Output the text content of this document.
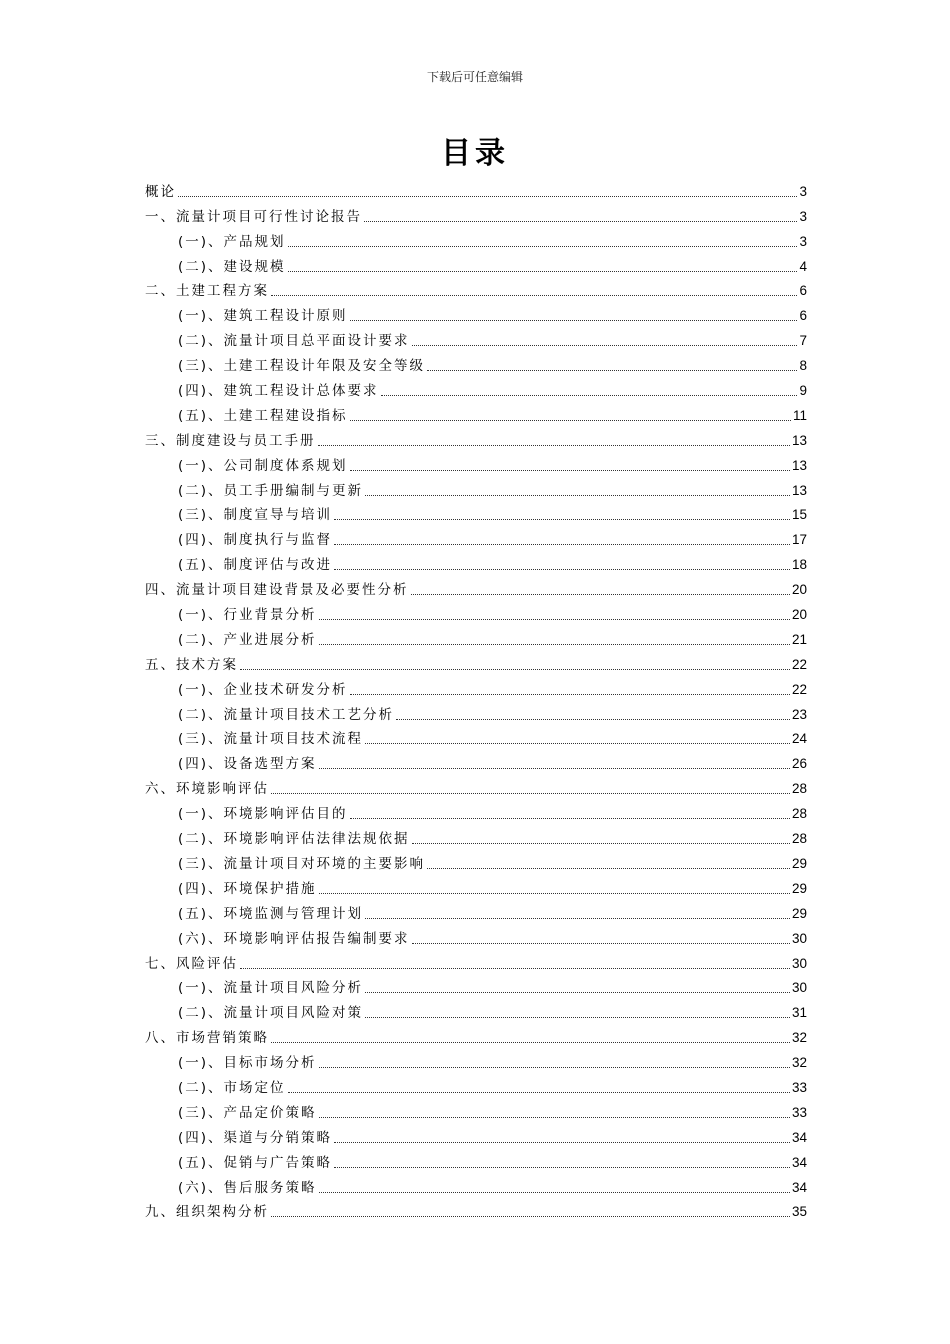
下载后可任意编辑
目录
概论	3
一、流量计项目可行性讨论报告	3
(一)、产品规划	3
(二)、建设规模	4
二、土建工程方案	6
(一)、建筑工程设计原则	6
(二)、流量计项目总平面设计要求	7
(三)、土建工程设计年限及安全等级	8
(四)、建筑工程设计总体要求	9
(五)、土建工程建设指标	11
三、制度建设与员工手册	13
(一)、公司制度体系规划	13
(二)、员工手册编制与更新	13
(三)、制度宣导与培训	15
(四)、制度执行与监督	17
(五)、制度评估与改进	18
四、流量计项目建设背景及必要性分析	20
(一)、行业背景分析	20
(二)、产业进展分析	21
五、技术方案	22
(一)、企业技术研发分析	22
(二)、流量计项目技术工艺分析	23
(三)、流量计项目技术流程	24
(四)、设备选型方案	26
六、环境影响评估	28
(一)、环境影响评估目的	28
(二)、环境影响评估法律法规依据	28
(三)、流量计项目对环境的主要影响	29
(四)、环境保护措施	29
(五)、环境监测与管理计划	29
(六)、环境影响评估报告编制要求	30
七、风险评估	30
(一)、流量计项目风险分析	30
(二)、流量计项目风险对策	31
八、市场营销策略	32
(一)、目标市场分析	32
(二)、市场定位	33
(三)、产品定价策略	33
(四)、渠道与分销策略	34
(五)、促销与广告策略	34
(六)、售后服务策略	34
九、组织架构分析	35
